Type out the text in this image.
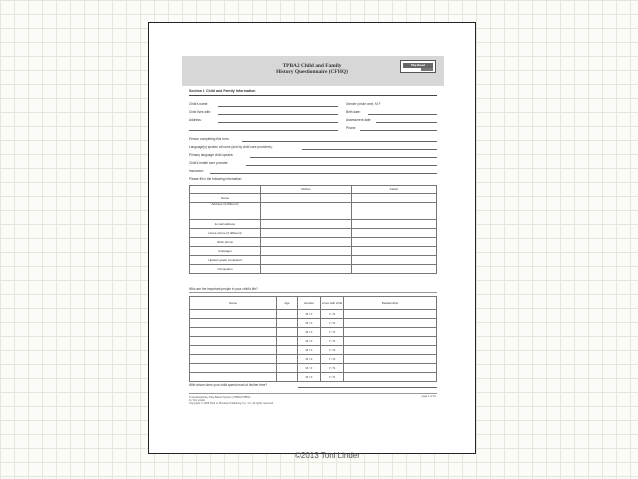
TPBA2 Child and Family
History Questionnaire (CFHQ)
Play-Based
Section I. Child and Family Information
Child's name:
Child lives with:
Address:
Gender (circle one): M F
Birth date:
Assessment date:
Phone:
Person completing this form:
Language(s) spoken at home (and by child care providers):
Primary language child speaks:
Child's health care provider:
Insurance:
Please fill in the following information:
	Mother	Father
Name		
Address (if different)		
E-mail address		
Home phone (if different)		
Work phone		
Cell/pager		
Highest grade completed		
Occupation		
Who are the important people in your child's life?
Name	Age	Gender	Lives with child	Relationship
		M / F	Y / N	
		M / F	Y / N	
		M / F	Y / N	
		M / F	Y / N	
		M / F	Y / N	
		M / F	Y / N	
		M / F	Y / N	
		M / F	Y / N	
With whom does your child spend most of his/her time?
Transdisciplinary Play-Based System (TPBA2/TPBI2)
by Toni Linder.
Copyright © 2008 Paul H. Brookes Publishing Co., Inc. All rights reserved.
page 1 of 10
©2013 Toni Linder
